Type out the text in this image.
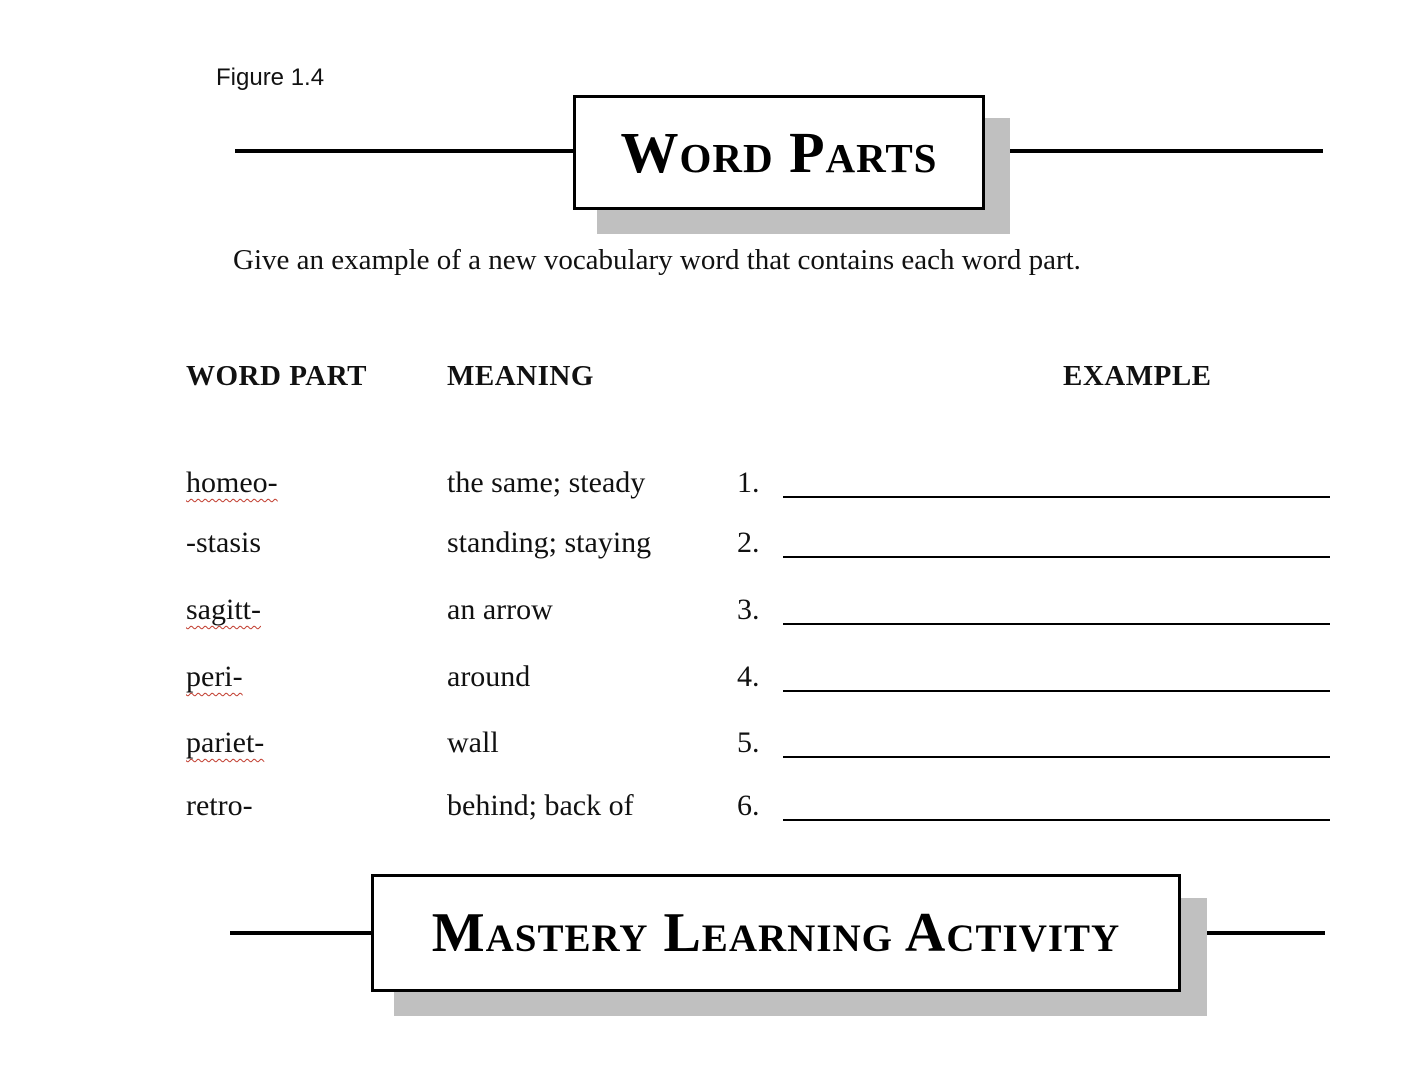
Figure 1.4
Word Parts
Give an example of a new vocabulary word that contains each word part.
WORD PART	MEANING	EXAMPLE
homeo-	the same; steady	1.
-stasis	standing; staying	2.
sagitt-	an arrow	3.
peri-	around	4.
pariet-	wall	5.
retro-	behind; back of	6.
Mastery Learning Activity
